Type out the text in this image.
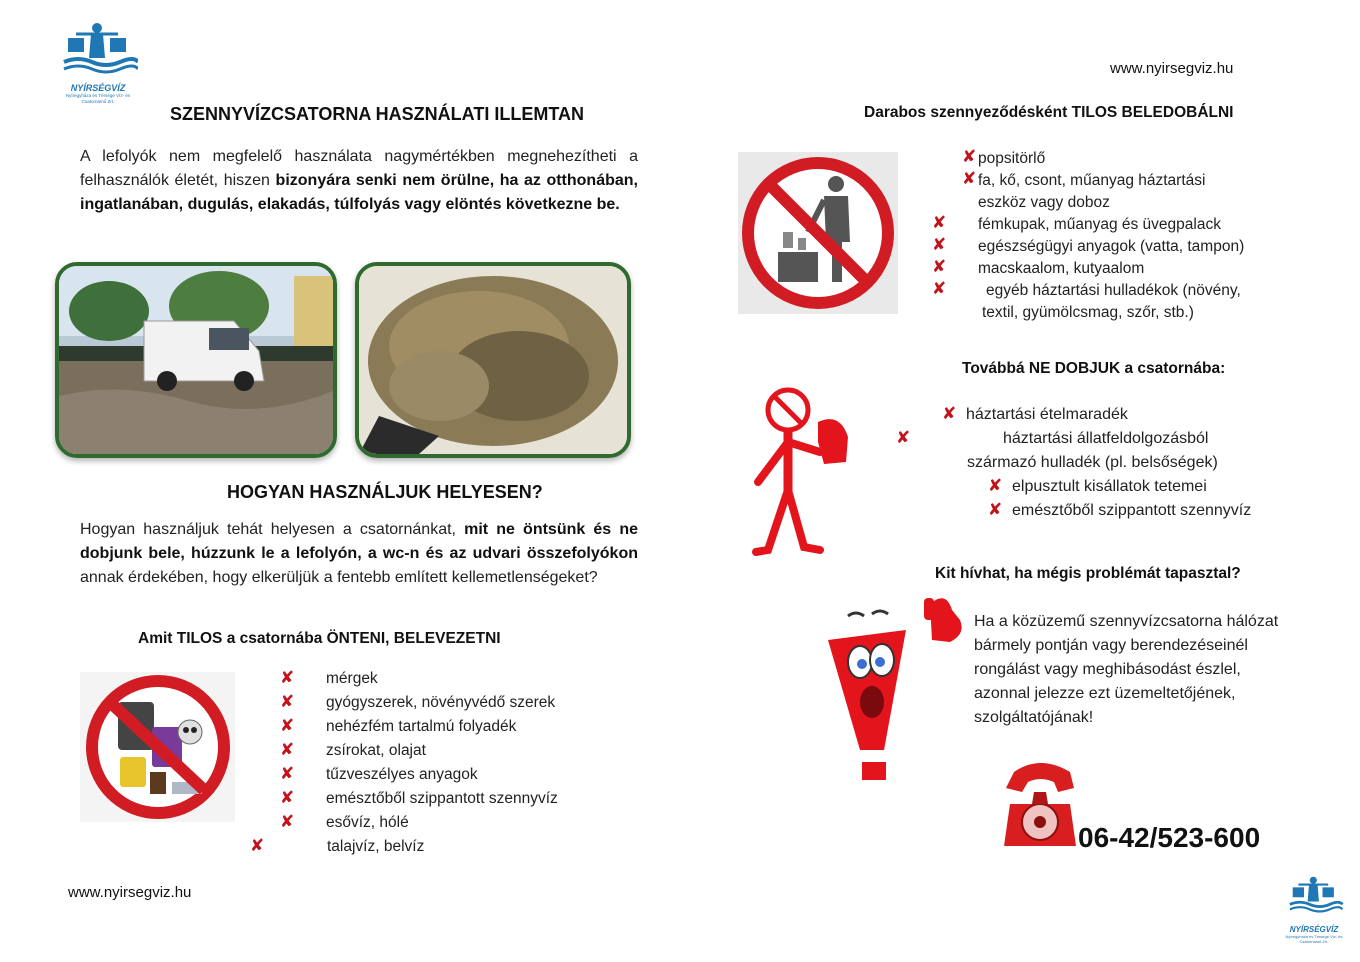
NYÍRSÉGVÍZ
Nyíregyháza és Térsége Víz- és Csatornamű Zrt.
www.nyirsegviz.hu
SZENNYVÍZCSATORNA HASZNÁLATI ILLEMTAN
A lefolyók nem megfelelő használata nagymértékben megnehezítheti a felhasználók életét, hiszen bizonyára senki nem örülne, ha az otthonában, ingatlanában, dugulás, elakadás, túlfolyás vagy elöntés következne be.
HOGYAN HASZNÁLJUK HELYESEN?
Hogyan használjuk tehát helyesen a csatornánkat, mit ne öntsünk és ne dobjunk bele, húzzunk le a lefolyón, a wc-n és az udvari összefolyókon annak érdekében, hogy elkerüljük a fentebb említett kellemetlenségeket?
Amit TILOS a csatornába ÖNTENI, BELEVEZETNI
✘ mérgek
✘ gyógyszerek, növényvédő szerek
✘ nehézfém tartalmú folyadék
✘ zsírokat, olajat
✘ tűzveszélyes anyagok
✘ emésztőből szippantott szennyvíz
✘ esővíz, hólé
✘	talajvíz, belvíz
www.nyirsegviz.hu
Darabos szennyeződésként TILOS BELEDOBÁLNI
✘ popsitörlő
✘ fa, kő, csont, műanyag háztartási
eszköz vagy doboz
✘ fémkupak, műanyag és üvegpalack
✘ egészségügyi anyagok (vatta, tampon)
✘ macskaalom, kutyaalom
✘	egyéb háztartási hulladékok (növény,
textil, gyümölcsmag, szőr, stb.)
Továbbá NE DOBJUK a csatornába:
✘ háztartási ételmaradék
✘	háztartási állatfeldolgozásból
származó hulladék (pl. belsőségek)
✘ elpusztult kisállatok tetemei
✘ emésztőből szippantott szennyvíz
Kit hívhat, ha mégis problémát tapasztal?
Ha a közüzemű szennyvízcsatorna hálózat
bármely pontján vagy berendezéseinél
rongálást vagy meghibásodást észlel,
azonnal jelezze ezt üzemeltetőjének,
szolgáltatójának!
06-42/523-600
NYÍRSÉGVÍZ
Nyíregyháza és Térsége Víz- és Csatornamű Zrt.
